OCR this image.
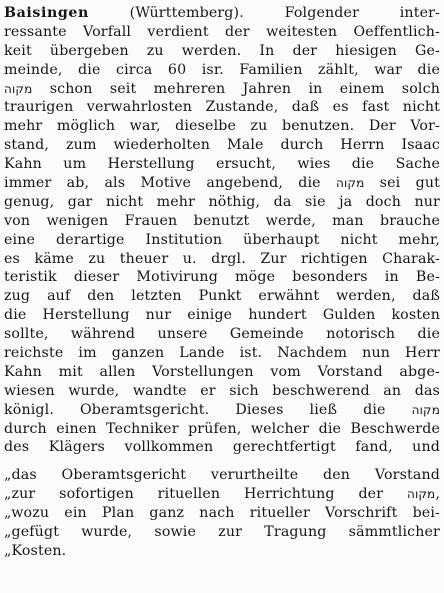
Baisingen (Württemberg). Folgender inter-
ressante Vorfall verdient der weitesten Oeffentlich-
keit übergeben zu werden. In der hiesigen Ge-
meinde, die circa 60 isr. Familien zählt, war die
מקוה schon seit mehreren Jahren in einem solch
traurigen verwahrlosten Zustande, daß es fast nicht
mehr möglich war, dieselbe zu benutzen. Der Vor-
stand, zum wiederholten Male durch Herrn Isaac
Kahn um Herstellung ersucht, wies die Sache
immer ab, als Motive angebend, die מקוה sei gut
genug, gar nicht mehr nöthig, da sie ja doch nur
von wenigen Frauen benutzt werde, man brauche
eine derartige Institution überhaupt nicht mehr,
es käme zu theuer u. drgl. Zur richtigen Charak-
teristik dieser Motivirung möge besonders in Be-
zug auf den letzten Punkt erwähnt werden, daß
die Herstellung nur einige hundert Gulden kosten
sollte, während unsere Gemeinde notorisch die
reichste im ganzen Lande ist. Nachdem nun Herr
Kahn mit allen Vorstellungen vom Vorstand abge-
wiesen wurde, wandte er sich beschwerend an das
königl. Oberamtsgericht. Dieses ließ die מקוה
durch einen Techniker prüfen, welcher die Beschwerde
des Klägers vollkommen gerechtfertigt fand, und
„das Oberamtsgericht verurtheilte den Vorstand
„zur sofortigen rituellen Herrichtung der מקוה,
„wozu ein Plan ganz nach ritueller Vorschrift bei-
„gefügt wurde, sowie zur Tragung sämmtlicher
„Kosten.
